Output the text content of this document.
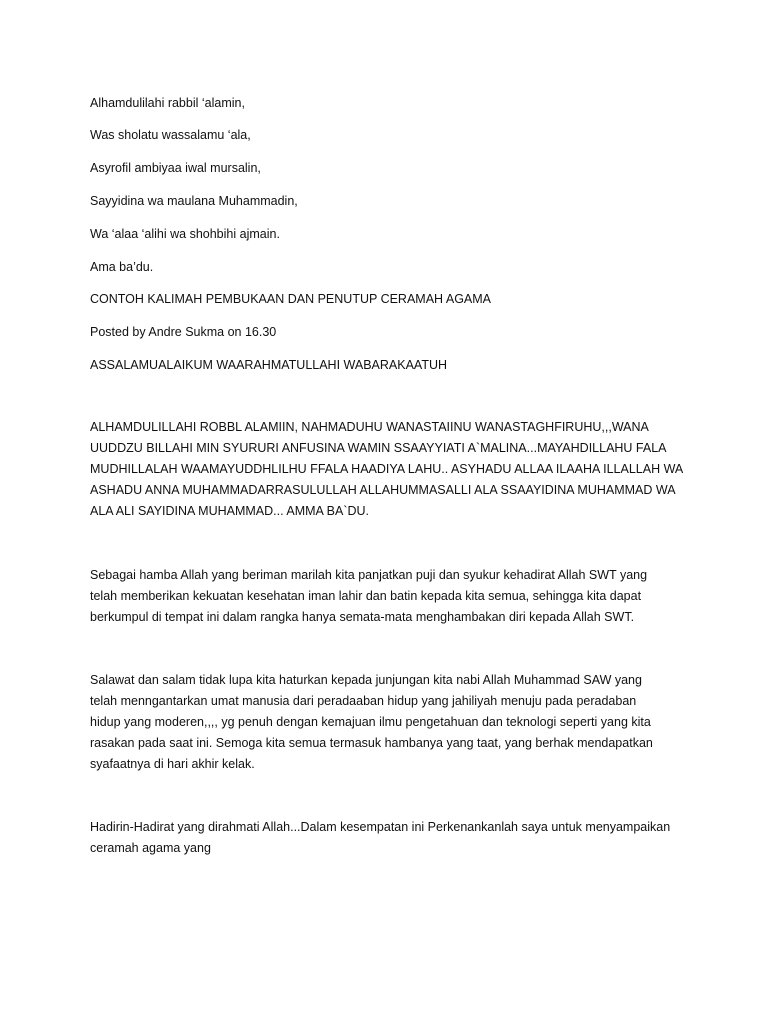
Alhamdulilahi rabbil ‘alamin,
Was sholatu wassalamu ‘ala,
Asyrofil ambiyaa iwal mursalin,
Sayyidina wa maulana Muhammadin,
Wa ‘alaa ‘alihi wa shohbihi ajmain.
Ama ba’du.
CONTOH KALIMAH PEMBUKAAN DAN PENUTUP CERAMAH AGAMA
Posted by Andre Sukma on 16.30
ASSALAMUALAIKUM WAARAHMATULLAHI WABARAKAATUH
ALHAMDULILLAHI ROBBL ALAMIIN, NAHMADUHU WANASTAIINU WANASTAGHFIRUHU,,,WANA
UUDDZU BILLAHI MIN SYURURI ANFUSINA WAMIN SSAAYYIATI A`MALINA...MAYAHDILLAHU FALA
MUDHILLALAH WAAMAYUDDHLILHU FFALA HAADIYA LAHU.. ASYHADU ALLAA ILAAHA ILLALLAH WA
ASHADU ANNA MUHAMMADARRASULULLAH ALLAHUMMASALLI ALA SSAAYIDINA MUHAMMAD WA
ALA ALI SAYIDINA MUHAMMAD... AMMA BA`DU.
Sebagai hamba Allah yang beriman marilah kita panjatkan puji dan syukur kehadirat Allah SWT yang
telah memberikan kekuatan kesehatan iman lahir dan batin kepada kita semua, sehingga kita dapat
berkumpul di tempat ini dalam rangka hanya semata-mata menghambakan diri kepada Allah SWT.
Salawat dan salam tidak lupa kita haturkan kepada junjungan kita nabi Allah Muhammad SAW yang
telah menngantarkan umat manusia dari peradaaban hidup yang jahiliyah menuju pada peradaban
hidup yang moderen,,,, yg penuh dengan kemajuan ilmu pengetahuan dan teknologi seperti yang kita
rasakan pada saat ini. Semoga kita semua termasuk hambanya yang taat, yang berhak mendapatkan
syafaatnya di hari akhir kelak.
Hadirin-Hadirat yang dirahmati Allah...Dalam kesempatan ini Perkenankanlah saya untuk menyampaikan
ceramah agama yang
